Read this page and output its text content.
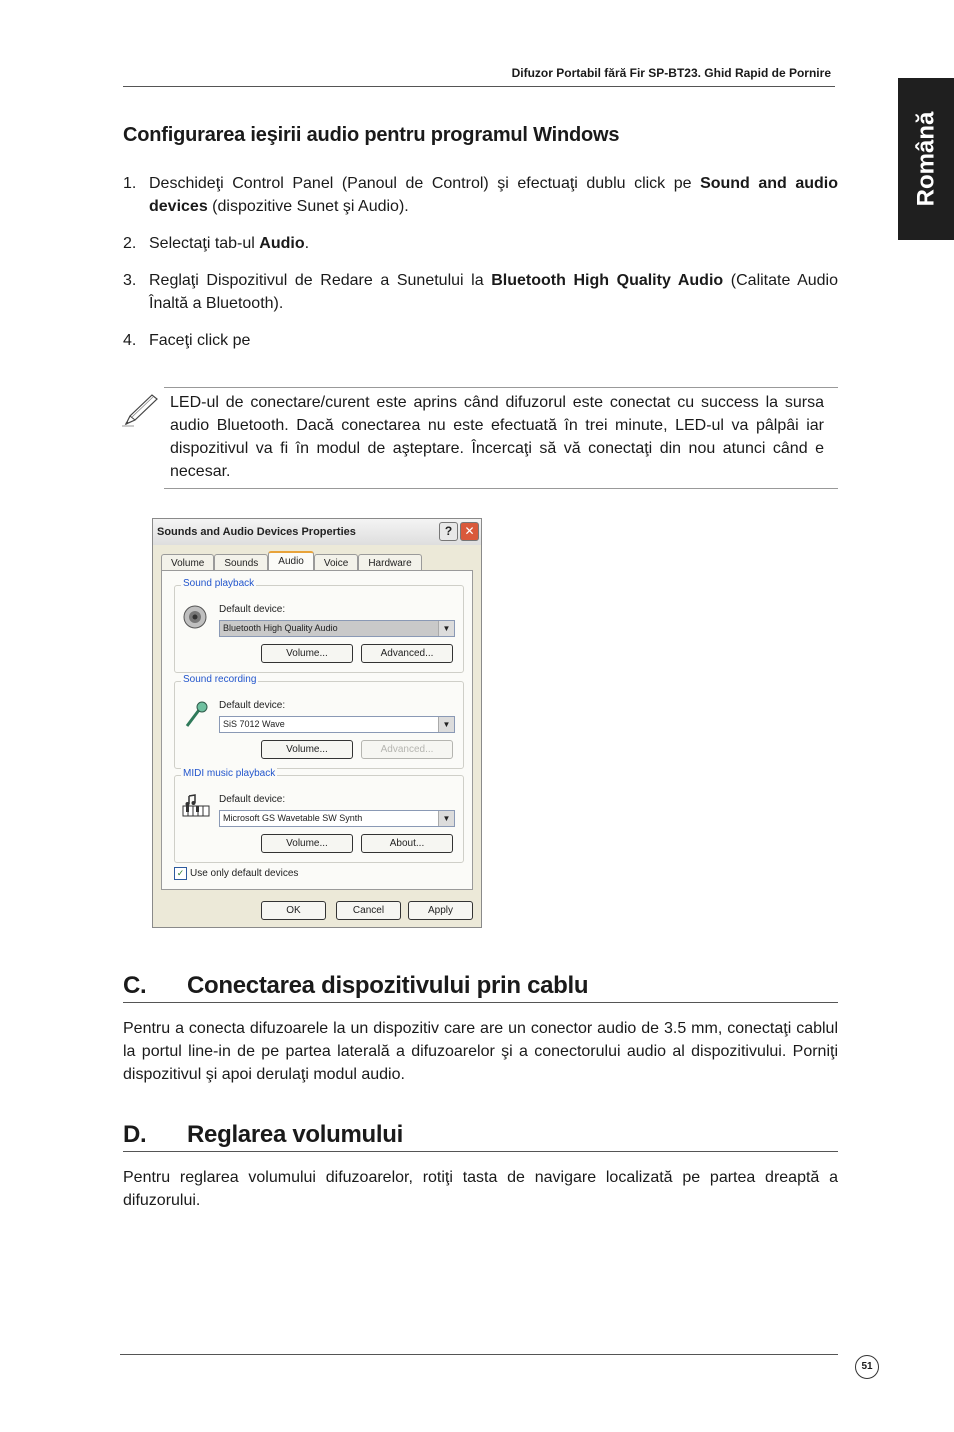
Difuzor Portabil fără Fir SP-BT23. Ghid Rapid de Pornire
Română
Configurarea ieşirii audio pentru programul Windows
1. Deschideţi Control Panel (Panoul de Control) şi efectuaţi dublu click pe Sound and audio devices (dispozitive Sunet şi Audio).
2. Selectaţi tab-ul Audio.
3. Reglaţi Dispozitivul de Redare a Sunetului la Bluetooth High Quality Audio (Calitate Audio Înaltă a Bluetooth).
4. Faceţi click pe
LED-ul de conectare/curent este aprins când difuzorul este conectat cu success la sursa audio Bluetooth. Dacă conectarea nu este efectuată în trei minute, LED-ul va pâlpâi iar dispozitivul va fi în modul de aşteptare. Încercaţi să vă conectaţi din nou atunci când e necesar.
Sounds and Audio Devices Properties	?	✕
Volume	Sounds	Audio	Voice	Hardware
Sound playback
Default device:
Bluetooth High Quality Audio	▼
Volume...	Advanced...
Sound recording
Default device:
SiS 7012 Wave	▼
Volume...	Advanced...
MIDI music playback
Default device:
Microsoft GS Wavetable SW Synth	▼
Volume...	About...
✓ Use only default devices
OK	Cancel	Apply
C. Conectarea dispozitivului prin cablu
Pentru a conecta difuzoarele la un dispozitiv care are un conector audio de 3.5 mm, conectaţi cablul la portul line-in de pe partea laterală a difuzoarelor şi a conectorului audio al dispozitivului. Porniţi dispozitivul şi apoi derulaţi modul audio.
D. Reglarea volumului
Pentru reglarea volumului difuzoarelor, rotiţi tasta de navigare localizată pe partea dreaptă a difuzorului.
51
